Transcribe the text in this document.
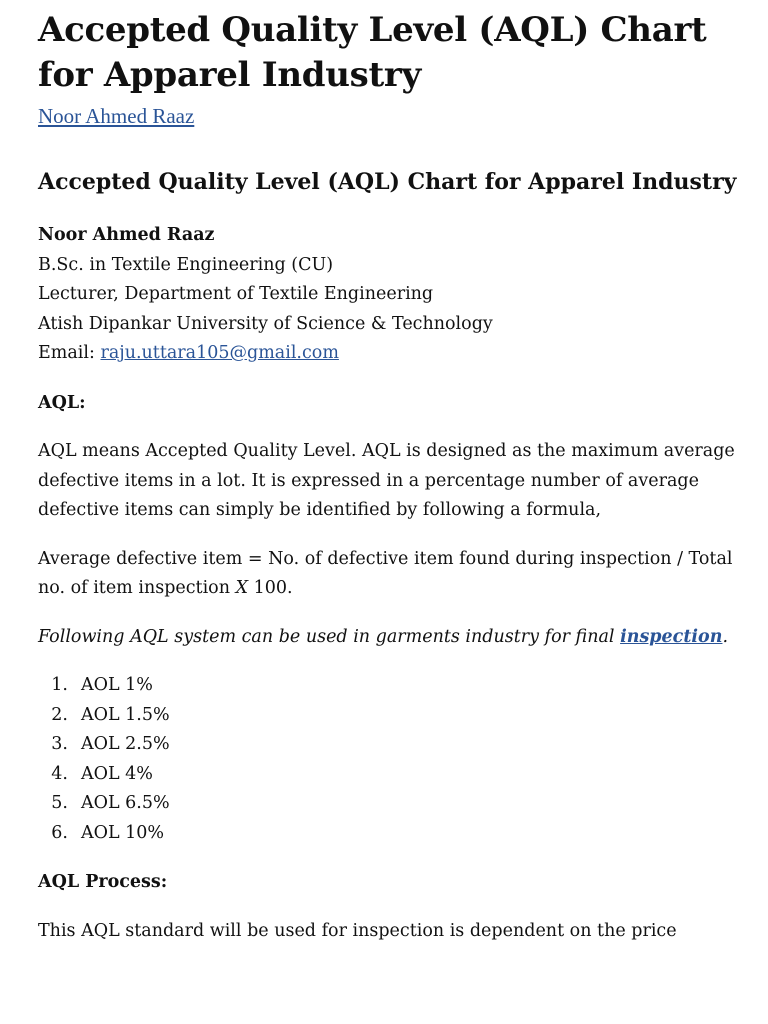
Accepted Quality Level (AQL) Chart for Apparel Industry
Noor Ahmed Raaz
Accepted Quality Level (AQL) Chart for Apparel Industry
Noor Ahmed Raaz
B.Sc. in Textile Engineering (CU)
Lecturer, Department of Textile Engineering
Atish Dipankar University of Science & Technology
Email: raju.uttara105@gmail.com
AQL:

AQL means Accepted Quality Level. AQL is designed as the maximum average defective items in a lot. It is expressed in a percentage number of average defective items can simply be identified by following a formula,

Average defective item = No. of defective item found during inspection / Total no. of item inspection X 100.

Following AQL system can be used in garments industry for final inspection.

1. AOL 1%
2. AOL 1.5%
3. AOL 2.5%
4. AOL 4%
5. AOL 6.5%
6. AOL 10%
AQL Process:

This AQL standard will be used for inspection is dependent on the price
